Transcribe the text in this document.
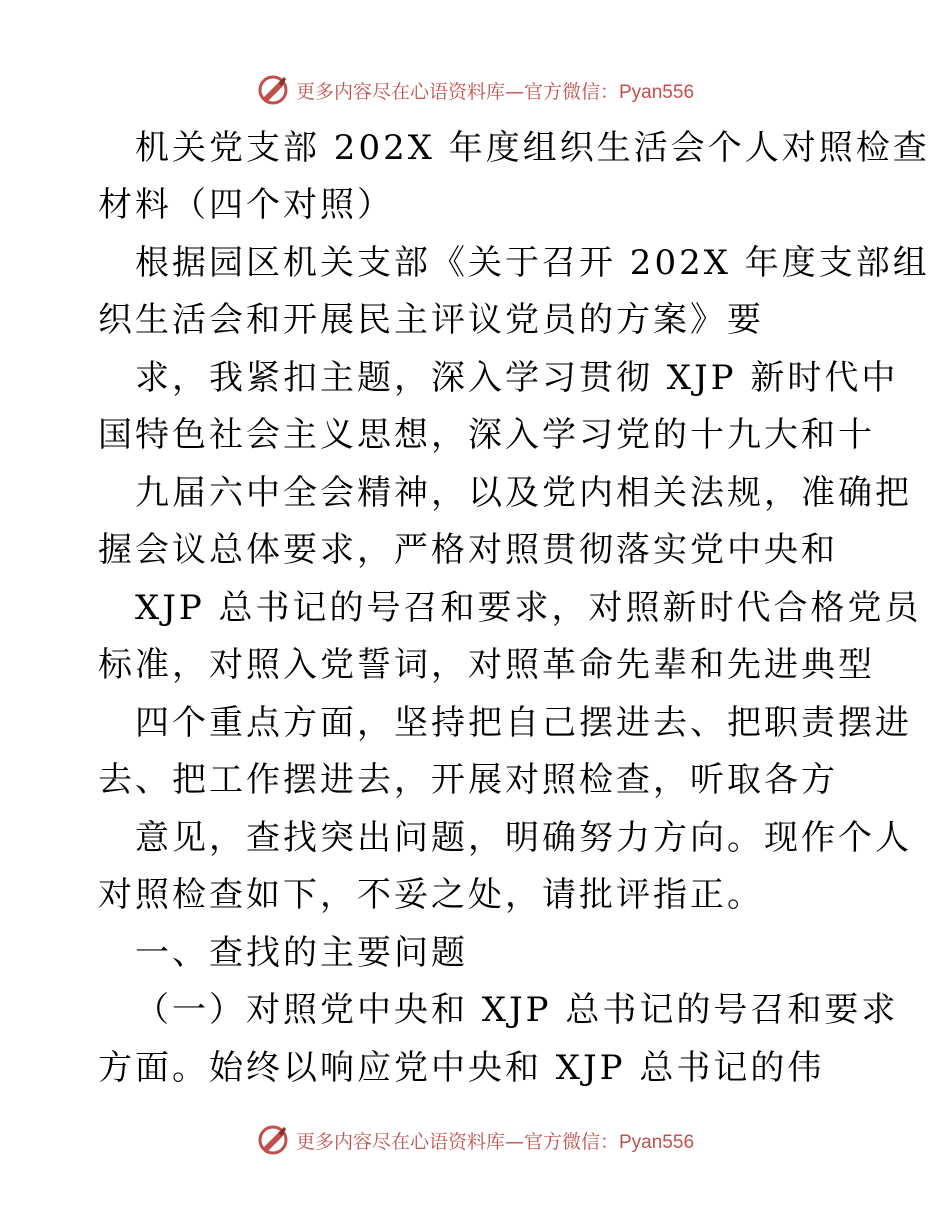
更多内容尽在心语资料库—官方微信：Pyan556
机关党支部 202X 年度组织生活会个人对照检查
材料（四个对照）
根据园区机关支部《关于召开 202X 年度支部组
织生活会和开展民主评议党员的方案》要
求，我紧扣主题，深入学习贯彻 XJP 新时代中
国特色社会主义思想，深入学习党的十九大和十
九届六中全会精神，以及党内相关法规，准确把
握会议总体要求，严格对照贯彻落实党中央和
XJP 总书记的号召和要求，对照新时代合格党员
标准，对照入党誓词，对照革命先辈和先进典型
四个重点方面，坚持把自己摆进去、把职责摆进
去、把工作摆进去，开展对照检查，听取各方
意见，查找突出问题，明确努力方向。现作个人
对照检查如下，不妥之处，请批评指正。
一、查找的主要问题
（一）对照党中央和 XJP 总书记的号召和要求
方面。始终以响应党中央和 XJP 总书记的伟
更多内容尽在心语资料库—官方微信：Pyan556
